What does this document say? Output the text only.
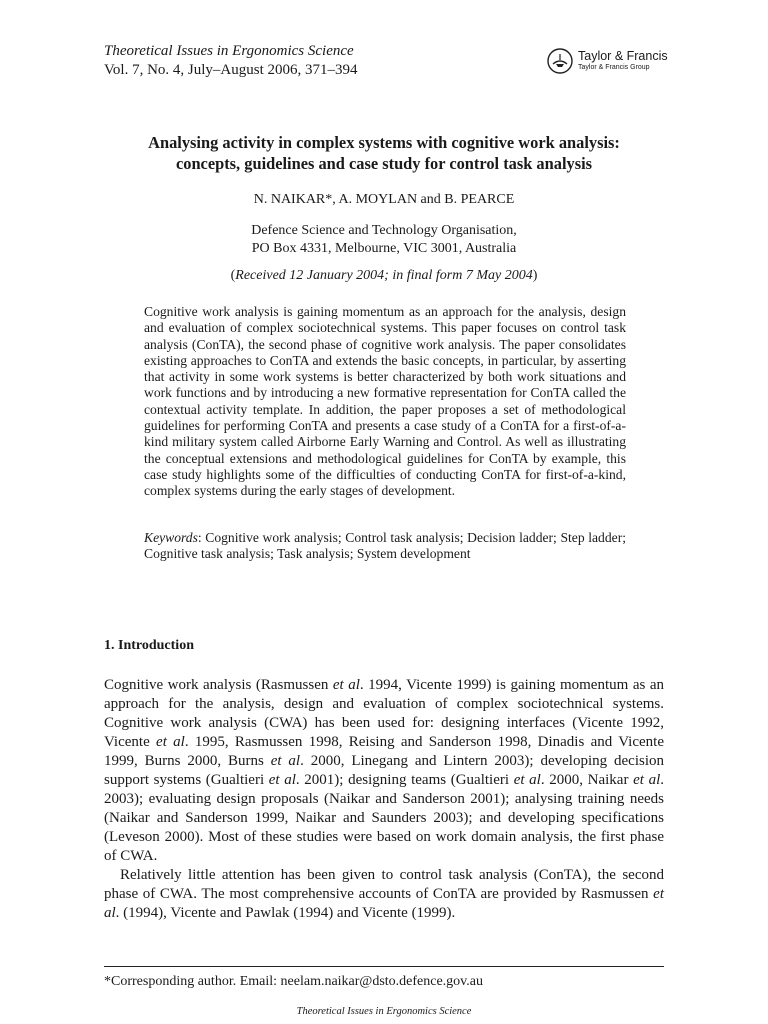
Theoretical Issues in Ergonomics Science
Vol. 7, No. 4, July–August 2006, 371–394
Taylor & Francis
Taylor & Francis Group
Analysing activity in complex systems with cognitive work analysis:
concepts, guidelines and case study for control task analysis
N. NAIKAR*, A. MOYLAN and B. PEARCE
Defence Science and Technology Organisation,
PO Box 4331, Melbourne, VIC 3001, Australia
(Received 12 January 2004; in final form 7 May 2004)
Cognitive work analysis is gaining momentum as an approach for the analysis, design and evaluation of complex sociotechnical systems. This paper focuses on control task analysis (ConTA), the second phase of cognitive work analysis. The paper consolidates existing approaches to ConTA and extends the basic concepts, in particular, by asserting that activity in some work systems is better characterized by both work situations and work functions and by introducing a new formative representation for ConTA called the contextual activity template. In addition, the paper proposes a set of methodological guidelines for performing ConTA and presents a case study of a ConTA for a first-of-a-kind military system called Airborne Early Warning and Control. As well as illustrating the conceptual extensions and methodological guidelines for ConTA by example, this case study highlights some of the difficulties of conducting ConTA for first-of-a-kind, complex systems during the early stages of development.
Keywords: Cognitive work analysis; Control task analysis; Decision ladder; Step ladder; Cognitive task analysis; Task analysis; System development
1. Introduction
Cognitive work analysis (Rasmussen et al. 1994, Vicente 1999) is gaining momentum as an approach for the analysis, design and evaluation of complex sociotechnical systems. Cognitive work analysis (CWA) has been used for: designing interfaces (Vicente 1992, Vicente et al. 1995, Rasmussen 1998, Reising and Sanderson 1998, Dinadis and Vicente 1999, Burns 2000, Burns et al. 2000, Linegang and Lintern 2003); developing decision support systems (Gualtieri et al. 2001); designing teams (Gualtieri et al. 2000, Naikar et al. 2003); evaluating design proposals (Naikar and Sanderson 2001); analysing training needs (Naikar and Sanderson 1999, Naikar and Saunders 2003); and developing specifications (Leveson 2000). Most of these studies were based on work domain analysis, the first phase of CWA.
Relatively little attention has been given to control task analysis (ConTA), the second phase of CWA. The most comprehensive accounts of ConTA are provided by Rasmussen et al. (1994), Vicente and Pawlak (1994) and Vicente (1999).
*Corresponding author. Email: neelam.naikar@dsto.defence.gov.au
Theoretical Issues in Ergonomics Science
